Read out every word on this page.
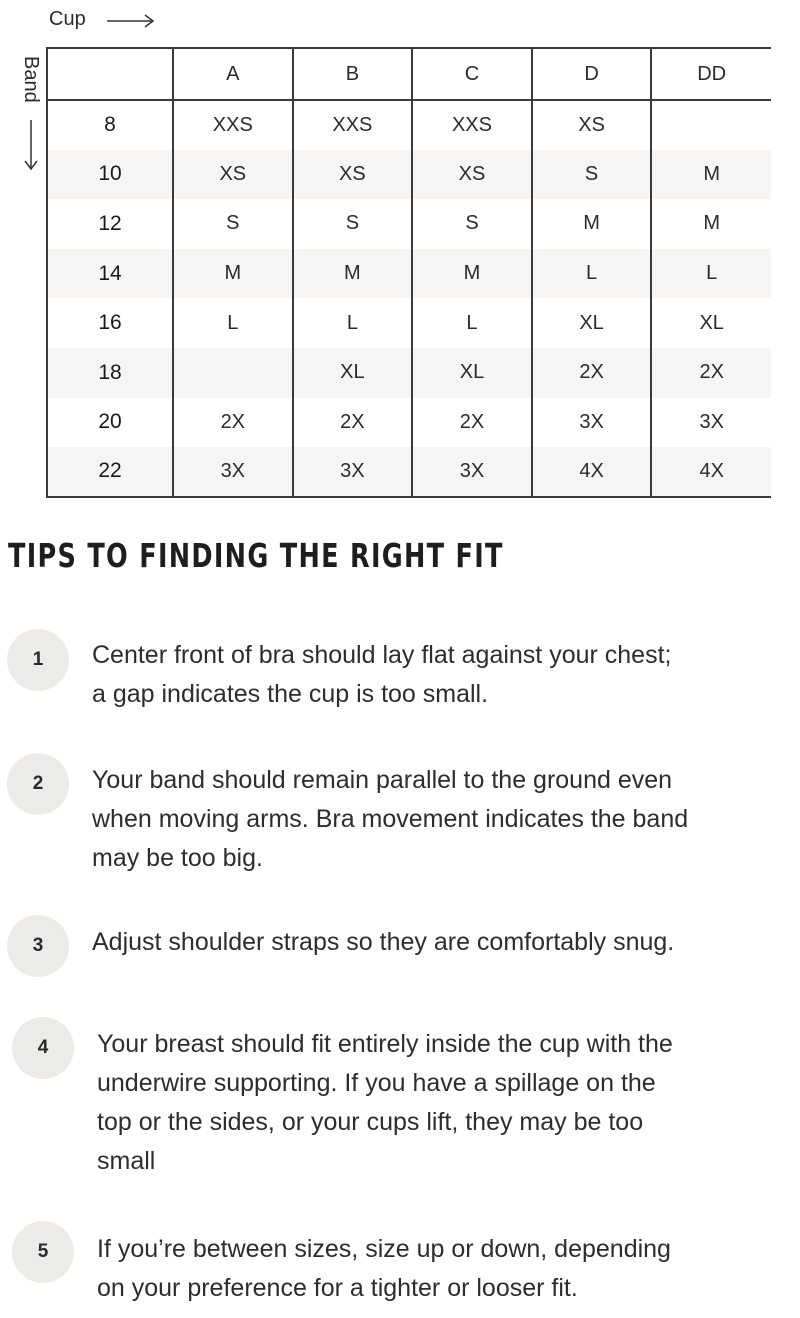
Cup
Band
		A	B	C	D	DD
8	XXS	XXS	XXS	XS	
10	XS	XS	XS	S	M
12	S	S	S	M	M
14	M	M	M	L	L
16	L	L	L	XL	XL
18		XL	XL	2X	2X
20	2X	2X	2X	3X	3X
22	3X	3X	3X	4X	4X
TIPS TO FINDING THE RIGHT FIT
1	Center front of bra should lay flat against your chest;
a gap indicates the cup is too small.
2	Your band should remain parallel to the ground even
when moving arms. Bra movement indicates the band
may be too big.
3	Adjust shoulder straps so they are comfortably snug.
4	Your breast should fit entirely inside the cup with the
underwire supporting. If you have a spillage on the
top or the sides, or your cups lift, they may be too
small
5	If you’re between sizes, size up or down, depending
on your preference for a tighter or looser fit.
